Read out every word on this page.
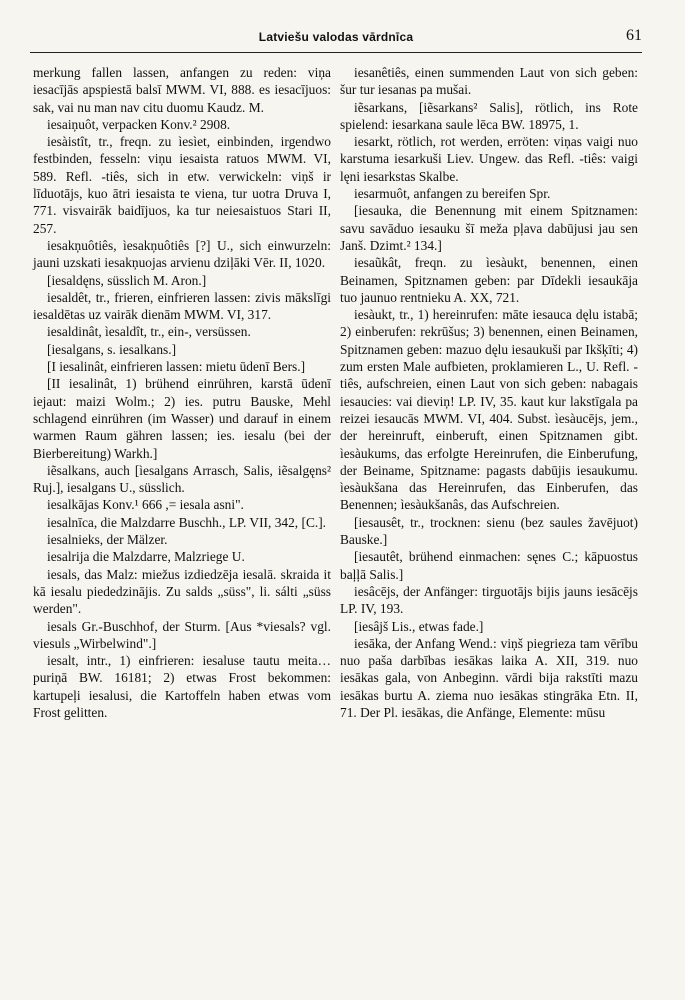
Latviešu valodas vārdnīca	61

merkung fallen lassen, anfangen zu reden: viņa iesacījās apspiestā balsī MWM. VI, 888. es iesacījuos: sak, vai nu man nav citu duomu Kaudz. M.

iesaiņuôt, verpacken Konv.² 2908.

iesàistît, tr., freqn. zu ìesìet, einbinden, irgendwo festbinden, fesseln: viņu iesaista ratuos MWM. VI, 589. Refl. -tiês, sich in etw. verwickeln: viņš ir līduotājs, kuo ātri iesaista te viena, tur uotra Druva I, 771. visvairāk baidījuos, ka tur neiesaistuos Stari II, 257.

iesakņuôtiês, ìesakņuôtiês [?] U., sich einwurzeln: jauni uzskati iesakņuojas arvienu dziļāki Vēr. II, 1020.

[iesaldęns, süsslich M. Aron.]

iesaldêt, tr., frieren, einfrieren lassen: zivis mākslīgi iesaldētas uz vairāk dienām MWM. VI, 317.

iesaldinât, ìesaldît, tr., ein-, versüssen.

[iesalgans, s. iesalkans.]

[I iesalinât, einfrieren lassen: mietu ūdenī Bers.]

[II iesalinât, 1) brühend einrühren, karstā ūdenī iejaut: maizi Wolm.; 2) ies. putru Bauske, Mehl schlagend einrühren (im Wasser) und darauf in einem warmen Raum gähren lassen; ies. iesalu (bei der Bierbereitung) Warkh.]

iẽsalkans, auch [ìesalgans Arrasch, Salis, iẽsalgęns² Ruj.], iesalgans U., süsslich.

iesalkājas Konv.¹ 666 ,= iesala asni".

iesalnīca, die Malzdarre Buschh., LP. VII, 342, [C.].

iesalnieks, der Mälzer.

iesalrija die Malzdarre, Malzriege U.

iesals, das Malz: miežus izdiedzēja iesalā. skraida it kā iesalu piededzinājis. Zu salds „süss", li. sálti „süss werden".

iesals Gr.-Buschhof, der Sturm. [Aus *viesals? vgl. viesuls „Wirbelwind".]

iesalt, intr., 1) einfrieren: iesaluse tautu meita… puriņā BW. 16181; 2) etwas Frost bekommen: kartupeļi iesalusi, die Kartoffeln haben etwas vom Frost gelitten.

iesanêtiês, einen summenden Laut von sich geben: šur tur iesanas pa mušai.

iẽsarkans, [iẽsarkans² Salis], rötlich, ins Rote spielend: iesarkana saule lēca BW. 18975, 1.

iesarkt, rötlich, rot werden, erröten: viņas vaigi nuo karstuma iesarkuši Liev. Ungew. das Refl. -tiês: vaigi lęni iesarkstas Skalbe.

iesarmuôt, anfangen zu bereifen Spr.

[iesauka, die Benennung mit einem Spitznamen: savu savāduo iesauku šī meža pļava dabūjusi jau sen Janš. Dzimt.² 134.]

iesaũkât, freqn. zu ìesàukt, benennen, einen Beinamen, Spitznamen geben: par Dīdekli iesaukāja tuo jaunuo rentnieku A. XX, 721.

iesàukt, tr., 1) hereinrufen: māte iesauca dęlu istabā; 2) einberufen: rekrūšus; 3) benennen, einen Beinamen, Spitznamen geben: mazuo dęlu iesaukuši par Ikšķīti; 4) zum ersten Male aufbieten, proklamieren L., U. Refl. -tiês, aufschreien, einen Laut von sich geben: nabagais iesaucies: vai dieviņ! LP. IV, 35. kaut kur lakstīgala pa reizei iesaucās MWM. VI, 404. Subst. ìesàucējs, jem., der hereinruft, einberuft, einen Spitznamen gibt. ìesàukums, das erfolgte Hereinrufen, die Einberufung, der Beiname, Spitzname: pagasts dabūjis iesaukumu. ìesàukšana das Hereinrufen, das Einberufen, das Benennen; ìesàukšanâs, das Aufschreien.

[iesausêt, tr., trocknen: sienu (bez saules žavējuot) Bauske.]

[iesautêt, brühend einmachen: sęnes C.; kāpuostus baļļā Salis.]

iesâcējs, der Anfänger: tirguotājs bijis jauns iesācējs LP. IV, 193.

[iesâjš Lis., etwas fade.]

iesāka, der Anfang Wend.: viņš piegrieza tam vērību nuo paša darbības iesākas laika A. XII, 319. nuo iesākas gala, von Anbeginn. vārdi bija rakstīti mazu iesākas burtu A. ziema nuo iesākas stingrāka Etn. II, 71. Der Pl. iesākas, die Anfänge, Elemente: mūsu
